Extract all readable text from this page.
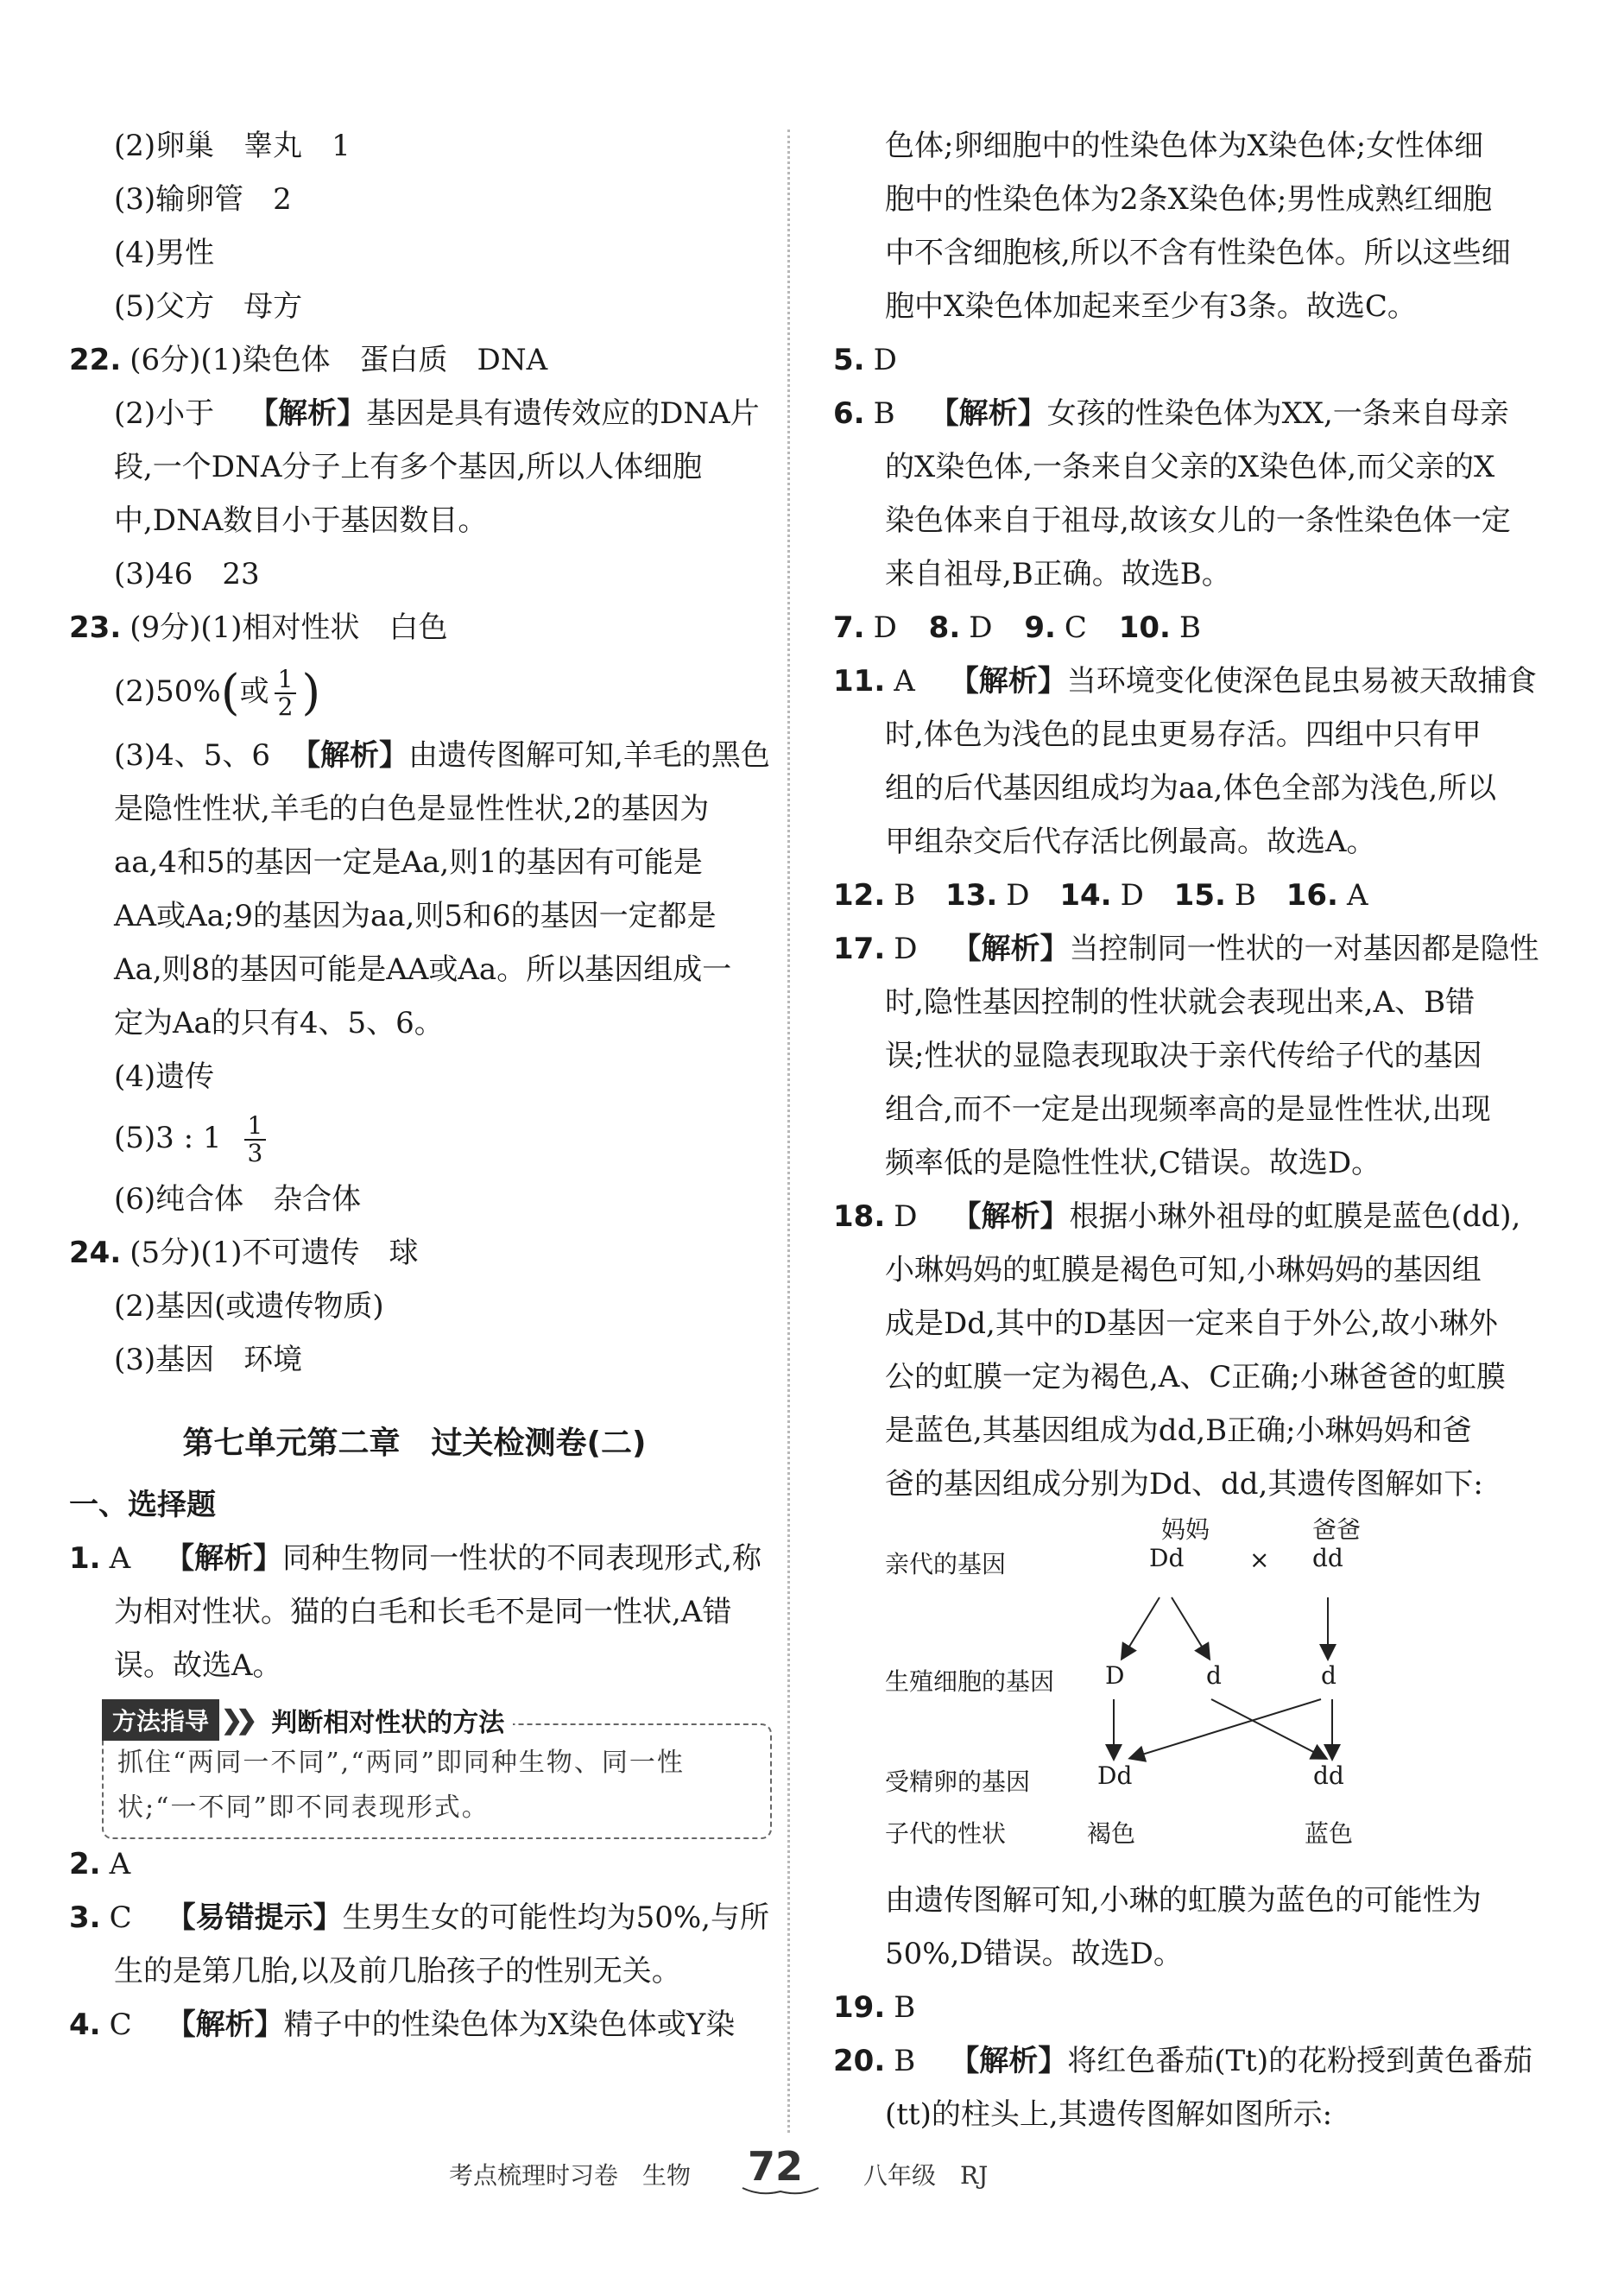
(2)卵巢　睾丸　1
(3)输卵管　2
(4)男性
(5)父方　母方
22. (6分)(1)染色体　蛋白质　DNA
(2)小于 【解析】基因是具有遗传效应的DNA片
段,一个DNA分子上有多个基因,所以人体细胞
中,DNA数目小于基因数目。
(3)46　23
23. (9分)(1)相对性状　白色
(2)50%(或 $\frac{1}{2}$ )
(3)4、5、6 【解析】由遗传图解可知,羊毛的黑色
是隐性性状,羊毛的白色是显性性状,2的基因为
aa,4和5的基因一定是Aa,则1的基因有可能是
AA或Aa;9的基因为aa,则5和6的基因一定都是
Aa,则8的基因可能是AA或Aa。所以基因组成一
定为Aa的只有4、5、6。
(4)遗传
(5)3 : $1 \frac{1}{3}$
(6)纯合体　杂合体
24. (5分)(1)不可遗传　球
(2)基因(或遗传物质)
(3)基因　环境
第七单元第二章　过关检测卷(二)
一、选择题
1. A 【解析】同种生物同一性状的不同表现形式,称
为相对性状。猫的白毛和长毛不是同一性状,A错
误。故选A。
抓住“两同一不同”,“两同”即同种生物、同一性
状;“一不同”即不同表现形式。
方法指导 ❯❯ 判断相对性状的方法
2. A
3. C 【易错提示】生男生女的可能性均为50%,与所
生的是第几胎,以及前几胎孩子的性别无关。
4. C 【解析】精子中的性染色体为X染色体或Y染
色体;卵细胞中的性染色体为X染色体;女性体细
胞中的性染色体为2条X染色体;男性成熟红细胞
中不含细胞核,所以不含有性染色体。所以这些细
胞中X染色体加起来至少有3条。故选C。
5. D
6. B 【解析】女孩的性染色体为XX,一条来自母亲
的X染色体,一条来自父亲的X染色体,而父亲的X
染色体来自于祖母,故该女儿的一条性染色体一定
来自祖母,B正确。故选B。
7. D 8. D 9. C 10. B
11. A 【解析】当环境变化使深色昆虫易被天敌捕食
时,体色为浅色的昆虫更易存活。四组中只有甲
组的后代基因组成均为aa,体色全部为浅色,所以
甲组杂交后代存活比例最高。故选A。
12. B 13. D 14. D 15. B 16. A
17. D 【解析】当控制同一性状的一对基因都是隐性
时,隐性基因控制的性状就会表现出来,A、B错
误;性状的显隐表现取决于亲代传给子代的基因
组合,而不一定是出现频率高的是显性性状,出现
频率低的是隐性性状,C错误。故选D。
18. D 【解析】根据小琳外祖母的虹膜是蓝色(dd),
小琳妈妈的虹膜是褐色可知,小琳妈妈的基因组
成是Dd,其中的D基因一定来自于外公,故小琳外
公的虹膜一定为褐色,A、C正确;小琳爸爸的虹膜
是蓝色,其基因组成为dd,B正确;小琳妈妈和爸
爸的基因组成分别为Dd、dd,其遗传图解如下:
妈妈	爸爸
亲代的基因	Dd	× dd
生殖细胞的基因 D	d	d
受精卵的基因	Dd	dd
子代的性状	褐色	蓝色
由遗传图解可知,小琳的虹膜为蓝色的可能性为
50%,D错误。故选D。
19. B
20. B 【解析】将红色番茄(Tt)的花粉授到黄色番茄
(tt)的柱头上,其遗传图解如图所示:
考点梳理时习卷　生物 72 八年级　RJ
